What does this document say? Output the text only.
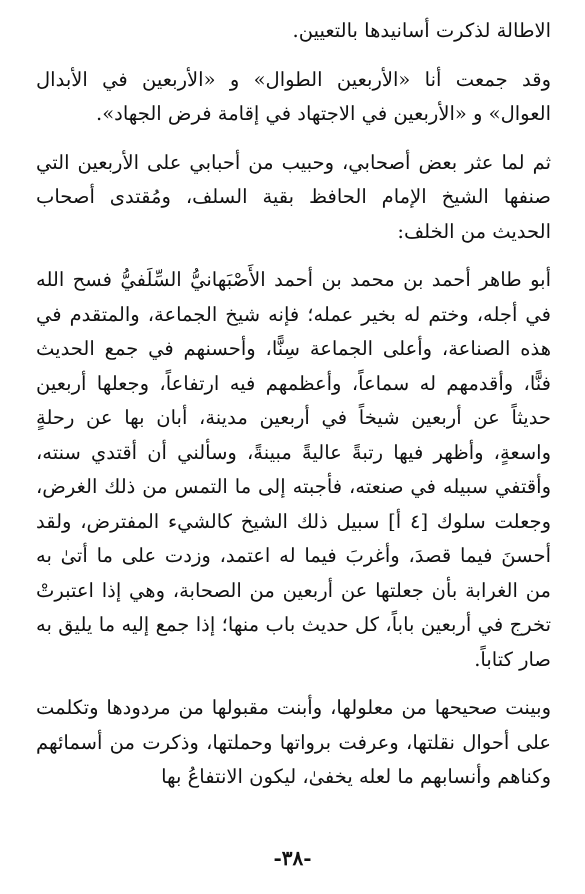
الاطالة لذكرت أسانيدها بالتعيين.

وقد جمعت أنا «الأربعين الطوال» و «الأربعين في الأبدال العوال» و «الأربعين في الاجتهاد في إقامة فرض الجهاد».

ثم لما عثر بعض أصحابي، وحبيب من أحبابي على الأربعين التي صنفها الشيخ الإمام الحافظ بقية السلف، ومُقتدى أصحاب الحديث من الخلف:

أبو طاهر أحمد بن محمد بن أحمد الأَصْبَهانيُّ السِّلَفيُّ فسح الله في أجله، وختم له بخير عمله؛ فإنه شيخ الجماعة، والمتقدم في هذه الصناعة، وأعلى الجماعة سِنًّا، وأحسنهم في جمع الحديث فنًّا، وأقدمهم له سماعاً، وأعظمهم فيه ارتفاعاً، وجعلها أربعين حديثاً عن أربعين شيخاً في أربعين مدينة، أبان بها عن رحلةٍ واسعةٍ، وأظهر فيها رتبةً عاليةً مبينةً، وسألني أن أقتدي سنته، وأقتفي سبيله في صنعته، فأجبته إلى ما التمس من ذلك الغرض، وجعلت سلوك [٤ أ] سبيل ذلك الشيخ كالشيء المفترض، ولقد أحسنَ فيما قصدَ، وأغربَ فيما له اعتمد، وزدت على ما أتىٰ به من الغرابة بأن جعلتها عن أربعين من الصحابة، وهي إذا اعتبرتْ تخرج في أربعين باباً، كل حديث باب منها؛ إذا جمع إليه ما يليق به صار كتاباً.

وبينت صحيحها من معلولها، وأبنت مقبولها من مردودها وتكلمت على أحوال نقلتها، وعرفت برواتها وحملتها، وذكرت من أسمائهم وكناهم وأنسابهم ما لعله يخفىٰ، ليكون الانتفاعُ بها

-٣٨-
